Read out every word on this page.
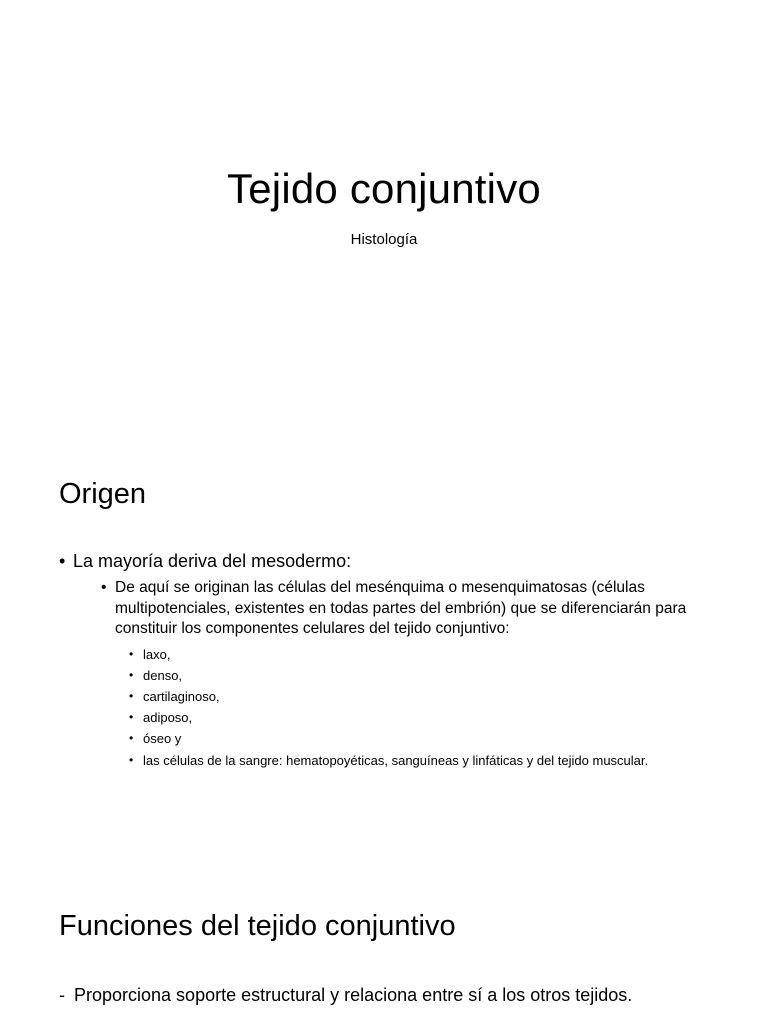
Tejido conjuntivo
Histología
Origen
• La mayoría deriva del mesodermo:
• De aquí se originan las células del mesénquima o mesenquimatosas (células multipotenciales, existentes en todas partes del embrión) que se diferenciarán para constituir los componentes celulares del tejido conjuntivo:
• laxo,
• denso,
• cartilaginoso,
• adiposo,
• óseo y
• las células de la sangre: hematopoyéticas, sanguíneas y linfáticas y del tejido muscular.
Funciones del tejido conjuntivo
- Proporciona soporte estructural y relaciona entre sí a los otros tejidos.
